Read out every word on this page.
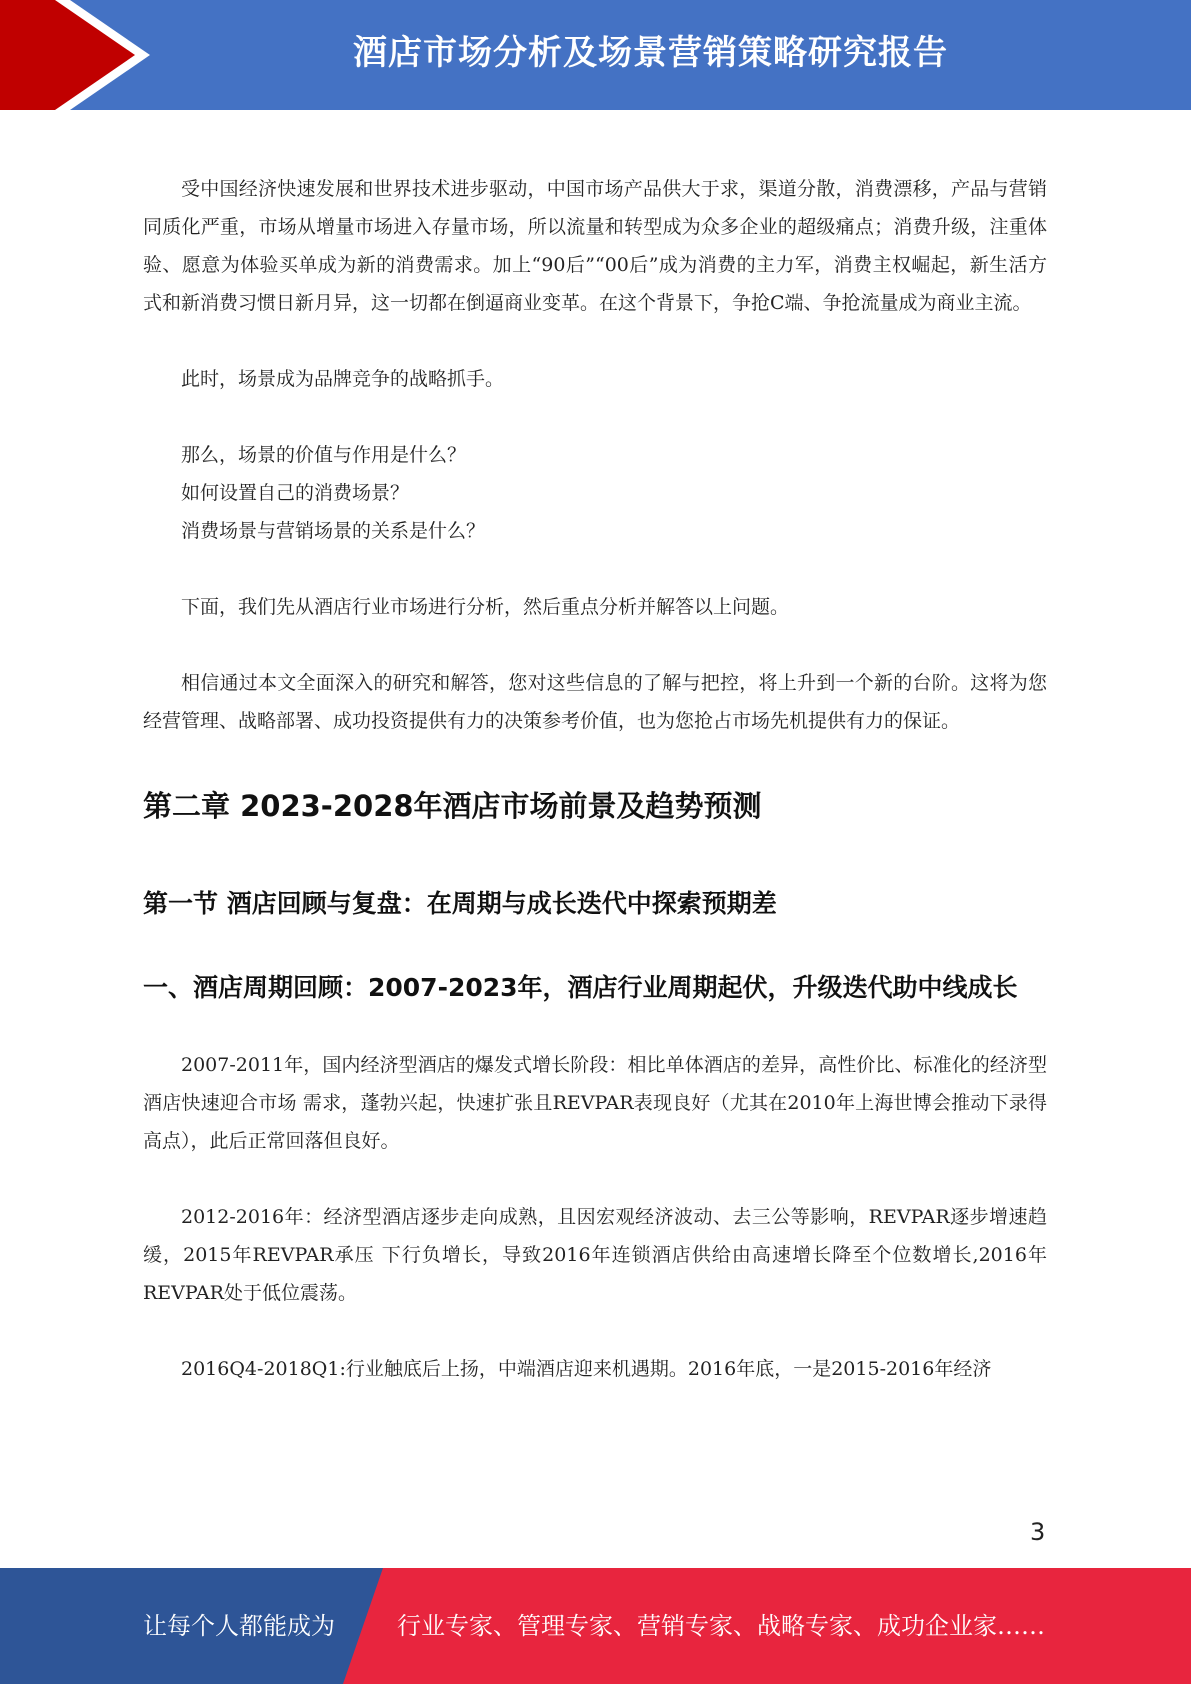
酒店市场分析及场景营销策略研究报告

受中国经济快速发展和世界技术进步驱动，中国市场产品供大于求，渠道分散，消费漂移，产品与营销同质化严重，市场从增量市场进入存量市场，所以流量和转型成为众多企业的超级痛点；消费升级，注重体验、愿意为体验买单成为新的消费需求。加上“90后”“00后”成为消费的主力军，消费主权崛起，新生活方式和新消费习惯日新月异，这一切都在倒逼商业变革。在这个背景下，争抢C端、争抢流量成为商业主流。

此时，场景成为品牌竞争的战略抓手。

那么，场景的价值与作用是什么？

如何设置自己的消费场景？

消费场景与营销场景的关系是什么？

下面，我们先从酒店行业市场进行分析，然后重点分析并解答以上问题。

相信通过本文全面深入的研究和解答，您对这些信息的了解与把控，将上升到一个新的台阶。这将为您经营管理、战略部署、成功投资提供有力的决策参考价值，也为您抢占市场先机提供有力的保证。

第二章 2023-2028年酒店市场前景及趋势预测
第一节 酒店回顾与复盘：在周期与成长迭代中探索预期差
一、酒店周期回顾：2007-2023年，酒店行业周期起伏，升级迭代助中线成长

2007-2011年，国内经济型酒店的爆发式增长阶段：相比单体酒店的差异，高性价比、标准化的经济型酒店快速迎合市场 需求，蓬勃兴起，快速扩张且REVPAR表现良好（尤其在2010年上海世博会推动下录得高点），此后正常回落但良好。

2012-2016年：经济型酒店逐步走向成熟，且因宏观经济波动、去三公等影响，REVPAR逐步增速趋缓，2015年REVPAR承压 下行负增长，导致2016年连锁酒店供给由高速增长降至个位数增长,2016年REVPAR处于低位震荡。

2016Q4-2018Q1:行业触底后上扬，中端酒店迎来机遇期。2016年底，一是2015-2016年经济

3
让每个人都能成为	行业专家、管理专家、营销专家、战略专家、成功企业家……
